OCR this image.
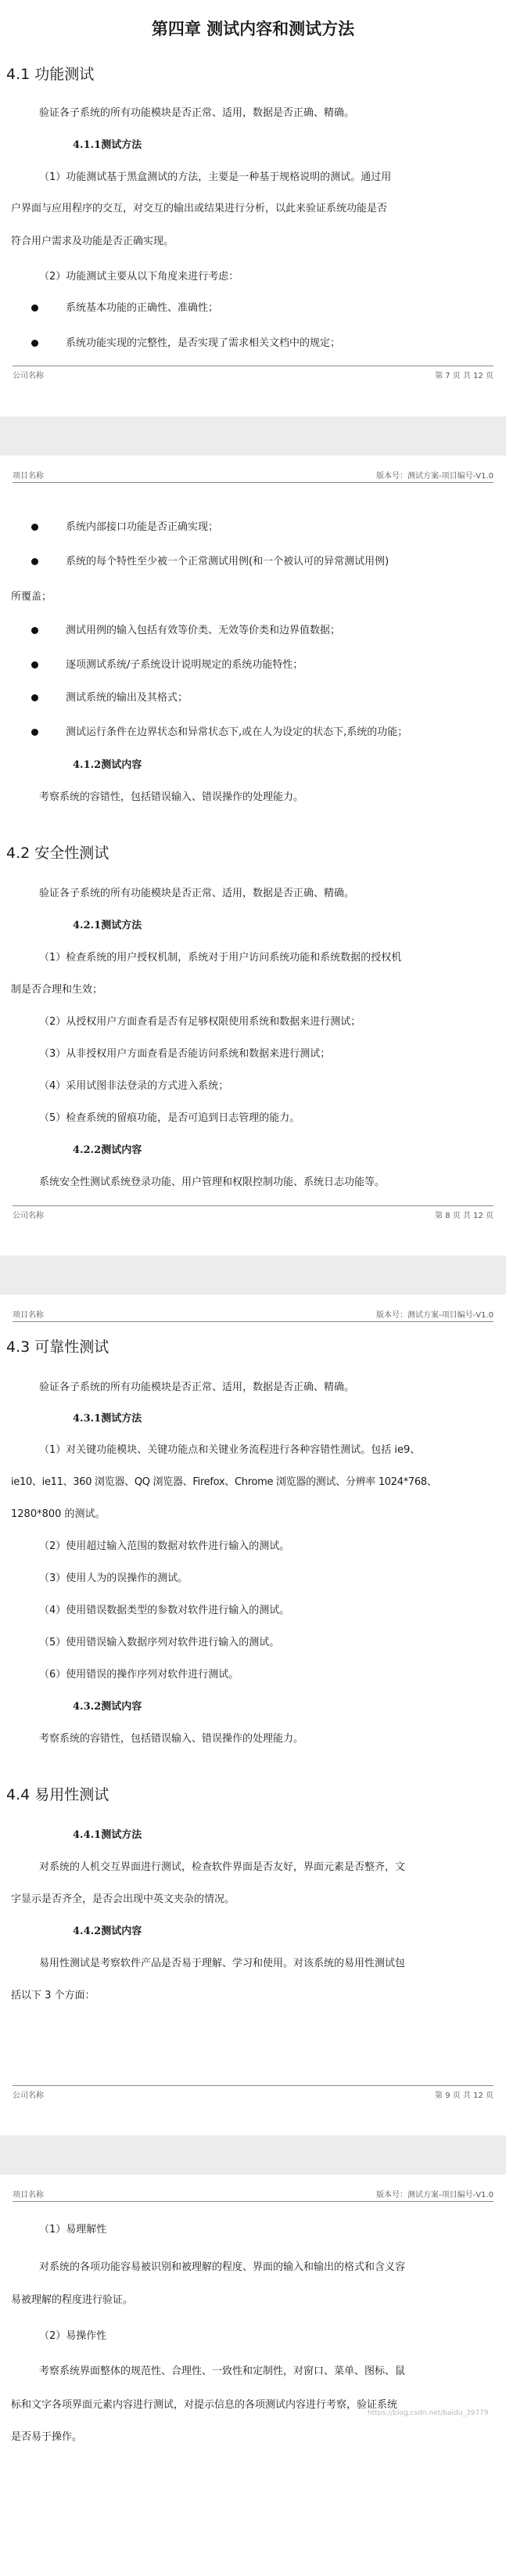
第四章 测试内容和测试方法
4.1 功能测试
验证各子系统的所有功能模块是否正常、适用，数据是否正确、精确。
4.1.1测试方法
（1）功能测试基于黑盒测试的方法，主要是一种基于规格说明的测试。通过用
户界面与应用程序的交互，对交互的输出或结果进行分析，以此来验证系统功能是否
符合用户需求及功能是否正确实现。
（2）功能测试主要从以下角度来进行考虑：
系统基本功能的正确性、准确性；
系统功能实现的完整性，是否实现了需求相关文档中的规定；
公司名称	第 7 页 共 12 页
项目名称	版本号：测试方案-项目编号-V1.0
系统内部接口功能是否正确实现；
系统的每个特性至少被一个正常测试用例(和一个被认可的异常测试用例)
所覆盖；
测试用例的输入包括有效等价类、无效等价类和边界值数据；
逐项测试系统/子系统设计说明规定的系统功能特性；
测试系统的输出及其格式；
测试运行条件在边界状态和异常状态下,或在人为设定的状态下,系统的功能；
4.1.2测试内容
考察系统的容错性，包括错误输入、错误操作的处理能力。
4.2 安全性测试
验证各子系统的所有功能模块是否正常、适用，数据是否正确、精确。
4.2.1测试方法
（1）检查系统的用户授权机制，系统对于用户访问系统功能和系统数据的授权机
制是否合理和生效；
（2）从授权用户方面查看是否有足够权限使用系统和数据来进行测试；
（3）从非授权用户方面查看是否能访问系统和数据来进行测试；
（4）采用试图非法登录的方式进入系统；
（5）检查系统的留痕功能，是否可追到日志管理的能力。
4.2.2测试内容
系统安全性测试系统登录功能、用户管理和权限控制功能、系统日志功能等。
公司名称	第 8 页 共 12 页
项目名称	版本号：测试方案-项目编号-V1.0
4.3 可靠性测试
验证各子系统的所有功能模块是否正常、适用，数据是否正确、精确。
4.3.1测试方法
（1）对关键功能模块、关键功能点和关键业务流程进行各种容错性测试。包括 ie9、
ie10、ie11、360 浏览器、QQ 浏览器、Firefox、Chrome 浏览器的测试、分辨率 1024*768、
1280*800 的测试。
（2）使用超过输入范围的数据对软件进行输入的测试。
（3）使用人为的误操作的测试。
（4）使用错误数据类型的参数对软件进行输入的测试。
（5）使用错误输入数据序列对软件进行输入的测试。
（6）使用错误的操作序列对软件进行测试。
4.3.2测试内容
考察系统的容错性，包括错误输入、错误操作的处理能力。
4.4 易用性测试
4.4.1测试方法
对系统的人机交互界面进行测试，检查软件界面是否友好，界面元素是否整齐，文
字显示是否齐全，是否会出现中英文夹杂的情况。
4.4.2测试内容
易用性测试是考察软件产品是否易于理解、学习和使用。对该系统的易用性测试包
括以下 3 个方面：
公司名称	第 9 页 共 12 页
项目名称	版本号：测试方案-项目编号-V1.0
（1）易理解性
对系统的各项功能容易被识别和被理解的程度、界面的输入和输出的格式和含义容
易被理解的程度进行验证。
（2）易操作性
考察系统界面整体的规范性、合理性、一致性和定制性，对窗口、菜单、图标、鼠
标和文字各项界面元素内容进行测试，对提示信息的各项测试内容进行考察，验证系统
是否易于操作。
https://blog.csdn.net/baidu_39779
